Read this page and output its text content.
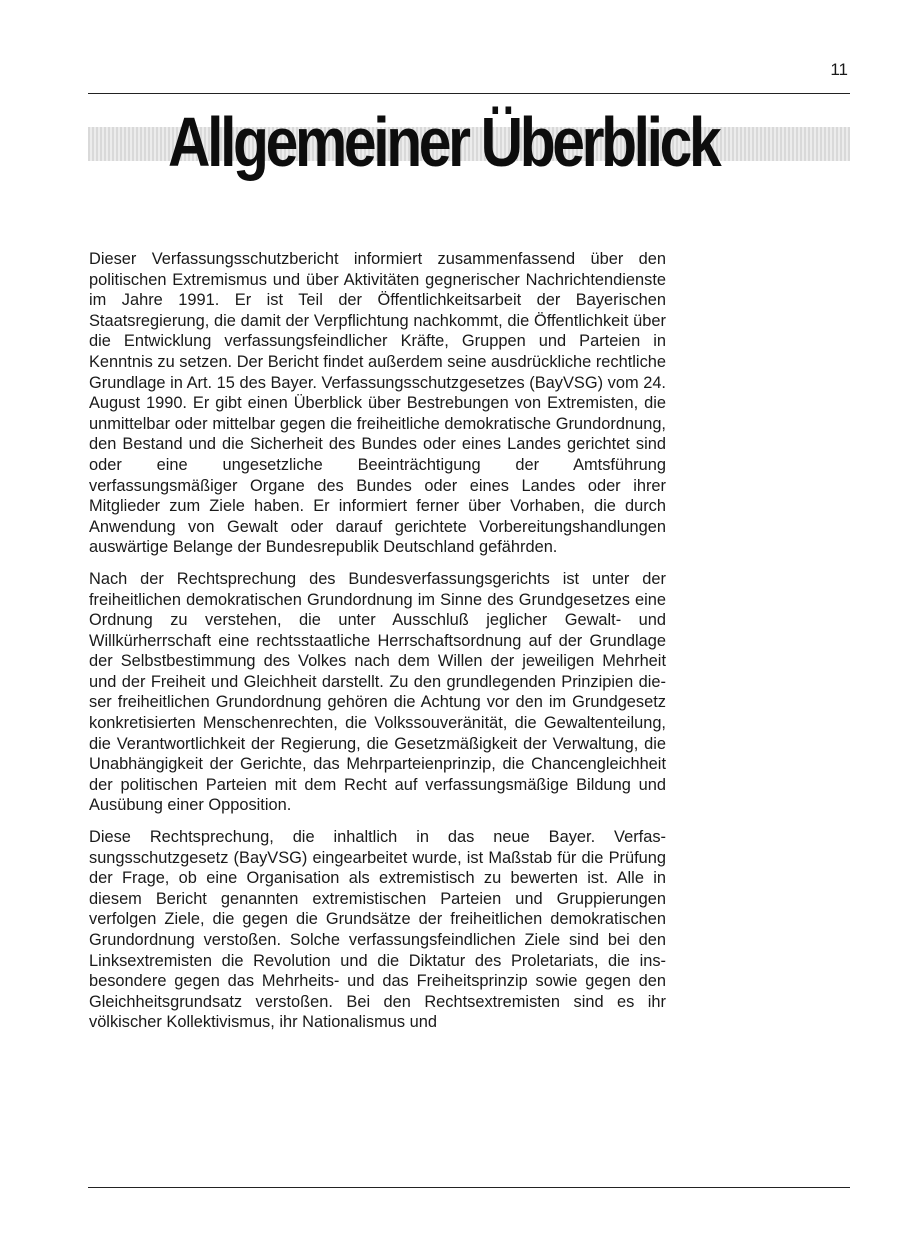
11
Allgemeiner Überblick

Dieser Verfassungsschutzbericht informiert zusammenfassend über den politischen Extremismus und über Aktivitäten gegnerischer Nachrichtendienste im Jahre 1991. Er ist Teil der Öffentlichkeitsarbeit der Bayerischen Staatsregierung, die damit der Verpflichtung nachkommt, die Öffentlichkeit über die Entwicklung verfassungsfeindlicher Kräfte, Gruppen und Parteien in Kenntnis zu setzen. Der Bericht findet außerdem seine ausdrückliche rechtliche Grundlage in Art. 15 des Bayer. Verfassungsschutzgesetzes (BayVSG) vom 24. August 1990. Er gibt einen Überblick über Bestrebungen von Extremisten, die unmittelbar oder mittelbar gegen die freiheitliche demokratische Grundordnung, den Bestand und die Sicherheit des Bundes oder eines Landes gerichtet sind oder eine ungesetzliche Beeinträchtigung der Amtsführung verfassungsmäßiger Organe des Bundes oder eines Landes oder ihrer Mitglieder zum Ziele haben. Er informiert ferner über Vorhaben, die durch Anwendung von Gewalt oder darauf gerichtete Vorbereitungshandlungen auswärtige Belange der Bundesrepublik Deutschland gefährden.

Nach der Rechtsprechung des Bundesverfassungsgerichts ist unter der freiheitlichen demokratischen Grundordnung im Sinne des Grundgesetzes eine Ordnung zu verstehen, die unter Ausschluß jeglicher Gewalt- und Willkürherrschaft eine rechtsstaatliche Herrschaftsordnung auf der Grundlage der Selbstbestimmung des Volkes nach dem Willen der jeweiligen Mehrheit und der Freiheit und Gleichheit darstellt. Zu den grundlegenden Prinzipien dieser freiheitlichen Grundordnung gehören die Achtung vor den im Grundgesetz konkretisierten Menschenrechten, die Volkssouveränität, die Gewaltenteilung, die Verantwortlichkeit der Regierung, die Gesetzmäßigkeit der Verwaltung, die Unabhängigkeit der Gerichte, das Mehrparteienprinzip, die Chancengleichheit der politischen Parteien mit dem Recht auf verfassungsmäßige Bildung und Ausübung einer Opposition.

Diese Rechtsprechung, die inhaltlich in das neue Bayer. Verfassungsschutzgesetz (BayVSG) eingearbeitet wurde, ist Maßstab für die Prüfung der Frage, ob eine Organisation als extremistisch zu bewerten ist. Alle in diesem Bericht genannten extremistischen Parteien und Gruppierungen verfolgen Ziele, die gegen die Grundsätze der freiheitlichen demokratischen Grundordnung verstoßen. Solche verfassungsfeindlichen Ziele sind bei den Linksextremisten die Revolution und die Diktatur des Proletariats, die insbesondere gegen das Mehrheits- und das Freiheitsprinzip sowie gegen den Gleichheitsgrundsatz verstoßen. Bei den Rechtsextremisten sind es ihr völkischer Kollektivismus, ihr Nationalismus und
